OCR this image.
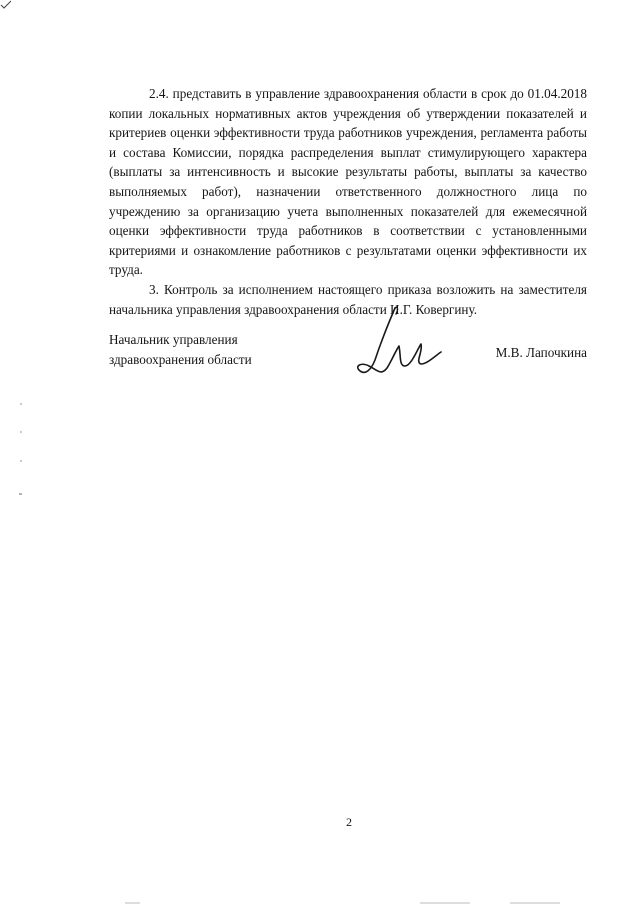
2.4. представить в управление здравоохранения области в срок до 01.04.2018 копии локальных нормативных актов учреждения об утверждении показателей и критериев оценки эффективности труда работников учреждения, регламента работы и состава Комиссии, порядка распределения выплат стимулирующего характера (выплаты за интенсивность и высокие результаты работы, выплаты за качество выполняемых работ), назначении ответственного должностного лица по учреждению за организацию учета выполненных показателей для ежемесячной оценки эффективности труда работников в соответствии с установленными критериями и ознакомление работников с результатами оценки эффективности их труда.

3. Контроль за исполнением настоящего приказа возложить на заместителя начальника управления здравоохранения области И.Г. Ковергину.

Начальник управления
здравоохранения области	М.В. Лапочкина
2
